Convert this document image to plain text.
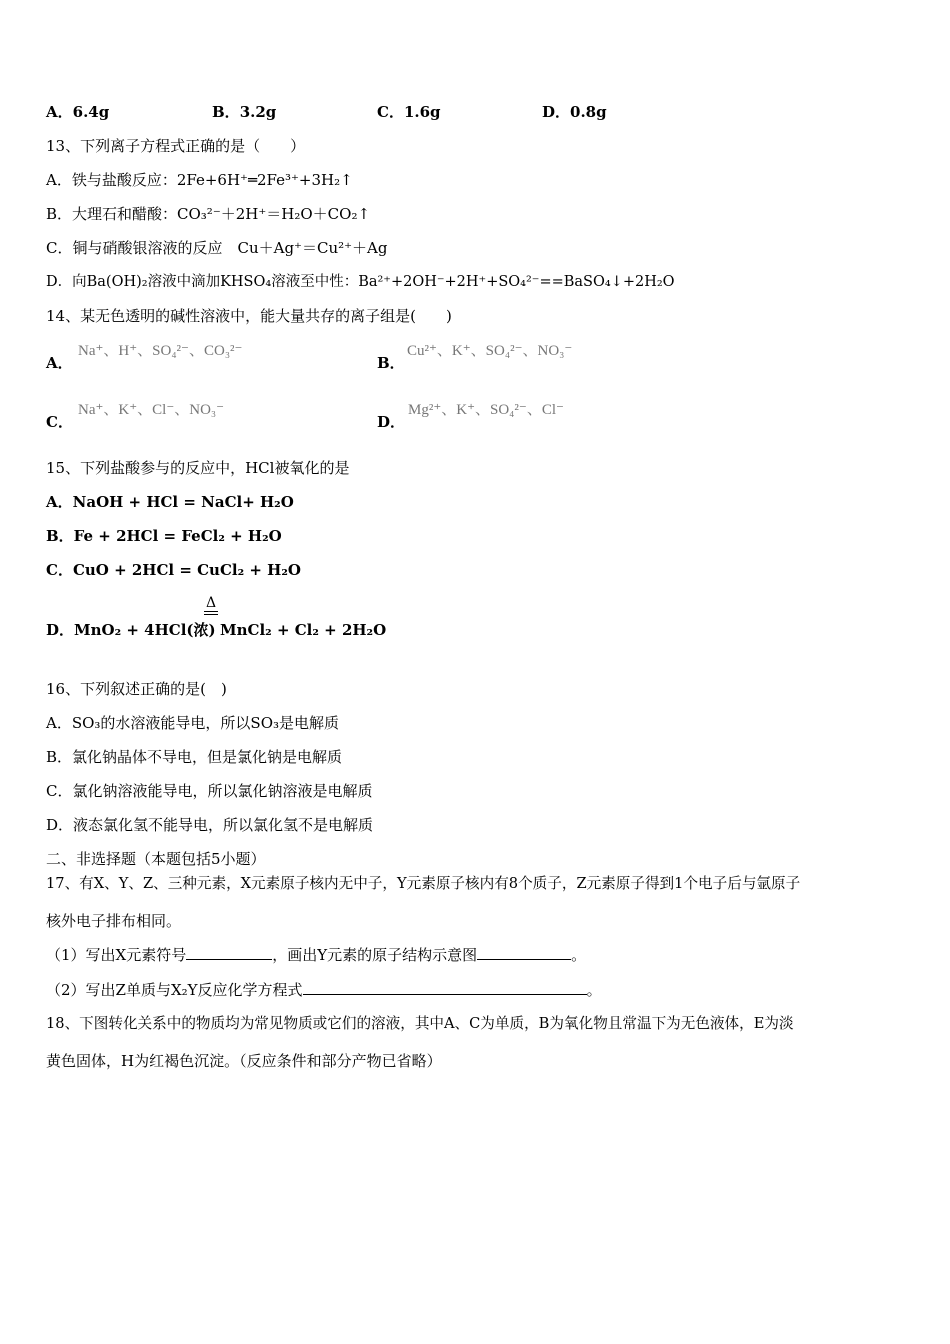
A．6.4g	B．3.2g	C．1.6g	D．0.8g
13、下列离子方程式正确的是（　　）
A．铁与盐酸反应：2Fe+6H⁺═2Fe³⁺+3H₂↑
B．大理石和醋酸：CO₃²⁻＋2H⁺＝H₂O＋CO₂↑
C．铜与硝酸银溶液的反应　Cu＋Ag⁺＝Cu²⁺＋Ag
D．向Ba(OH)₂溶液中滴加KHSO₄溶液至中性：Ba²⁺+2OH⁻+2H⁺+SO₄²⁻==BaSO₄↓+2H₂O
14、某无色透明的碱性溶液中，能大量共存的离子组是(　　)
A．
Na⁺、H⁺、SO₄²⁻、CO₃²⁻
B．
Cu²⁺、K⁺、SO₄²⁻、NO₃⁻
C．
Na⁺、K⁺、Cl⁻、NO₃⁻
D．
Mg²⁺、K⁺、SO₄²⁻、Cl⁻
15、下列盐酸参与的反应中，HCl被氧化的是
A．NaOH + HCl = NaCl+ H₂O
B．Fe + 2HCl = FeCl₂ + H₂O
C．CuO + 2HCl = CuCl₂ + H₂O
D．MnO₂ + 4HCl(浓)
Δ
MnCl₂ + Cl₂ + 2H₂O
16、下列叙述正确的是(　)
A．SO₃的水溶液能导电，所以SO₃是电解质
B．氯化钠晶体不导电，但是氯化钠是电解质
C．氯化钠溶液能导电，所以氯化钠溶液是电解质
D．液态氯化氢不能导电，所以氯化氢不是电解质
二、非选择题（本题包括5小题）
17、有X、Y、Z、三种元素，X元素原子核内无中子，Y元素原子核内有8个质子，Z元素原子得到1个电子后与氩原子
核外电子排布相同。
（1）写出X元素符号	，画出Y元素的原子结构示意图	。
（2）写出Z单质与X₂Y反应化学方程式	。
18、下图转化关系中的物质均为常见物质或它们的溶液，其中A、C为单质，B为氧化物且常温下为无色液体，E为淡
黄色固体，H为红褐色沉淀。（反应条件和部分产物已省略）
